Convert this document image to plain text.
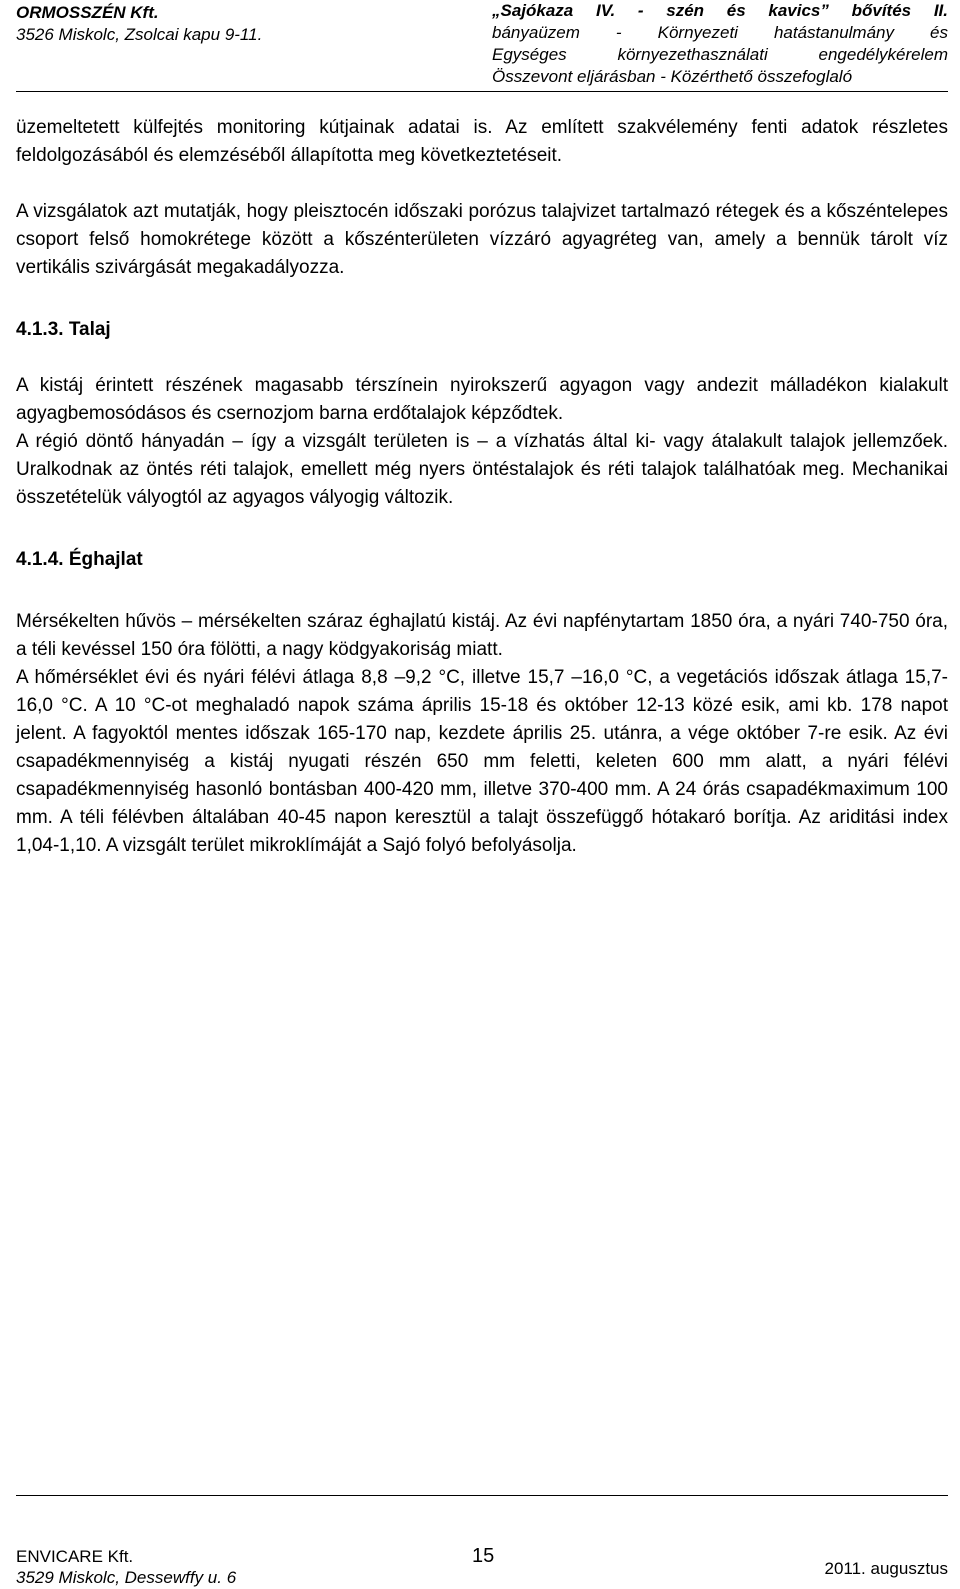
ORMOSSZÉN Kft.
3526 Miskolc, Zsolcai kapu 9-11.
„Sajókaza IV. - szén és kavics” bővítés II.
bányaüzem - Környezeti hatástanulmány és
Egységes környezethasználati engedélykérelem
Összevont eljárásban - Közérthető összefoglaló

üzemeltetett külfejtés monitoring kútjainak adatai is. Az említett szakvélemény fenti adatok részletes feldolgozásából és elemzéséből állapította meg következtetéseit.

A vizsgálatok azt mutatják, hogy pleisztocén időszaki porózus talajvizet tartalmazó rétegek és a kőszéntelepes csoport felső homokrétege között a kőszénterületen vízzáró agyagréteg van, amely a bennük tárolt víz vertikális szivárgását megakadályozza.

4.1.3. Talaj

A kistáj érintett részének magasabb térszínein nyirokszerű agyagon vagy andezit málladékon kialakult agyagbemosódásos és csernozjom barna erdőtalajok képződtek.

A régió döntő hányadán – így a vizsgált területen is – a vízhatás által ki- vagy átalakult talajok jellemzőek. Uralkodnak az öntés réti talajok, emellett még nyers öntéstalajok és réti talajok találhatóak meg. Mechanikai összetételük vályogtól az agyagos vályogig változik.

4.1.4. Éghajlat

Mérsékelten hűvös – mérsékelten száraz éghajlatú kistáj. Az évi napfénytartam 1850 óra, a nyári 740-750 óra, a téli kevéssel 150 óra fölötti, a nagy ködgyakoriság miatt.

A hőmérséklet évi és nyári félévi átlaga 8,8 –9,2 °C, illetve 15,7 –16,0 °C, a vegetációs időszak átlaga 15,7-16,0 °C. A 10 °C-ot meghaladó napok száma április 15-18 és október 12-13 közé esik, ami kb. 178 napot jelent. A fagyoktól mentes időszak 165-170 nap, kezdete április 25. utánra, a vége október 7-re esik. Az évi csapadékmennyiség a kistáj nyugati részén 650 mm feletti, keleten 600 mm alatt, a nyári félévi csapadékmennyiség hasonló bontásban 400-420 mm, illetve 370-400 mm. A 24 órás csapadékmaximum 100 mm. A téli félévben általában 40-45 napon keresztül a talajt összefüggő hótakaró borítja. Az ariditási index 1,04-1,10. A vizsgált terület mikroklímáját a Sajó folyó befolyásolja.

ENVICARE Kft.
3529 Miskolc, Dessewffy u. 6
15
2011. augusztus
